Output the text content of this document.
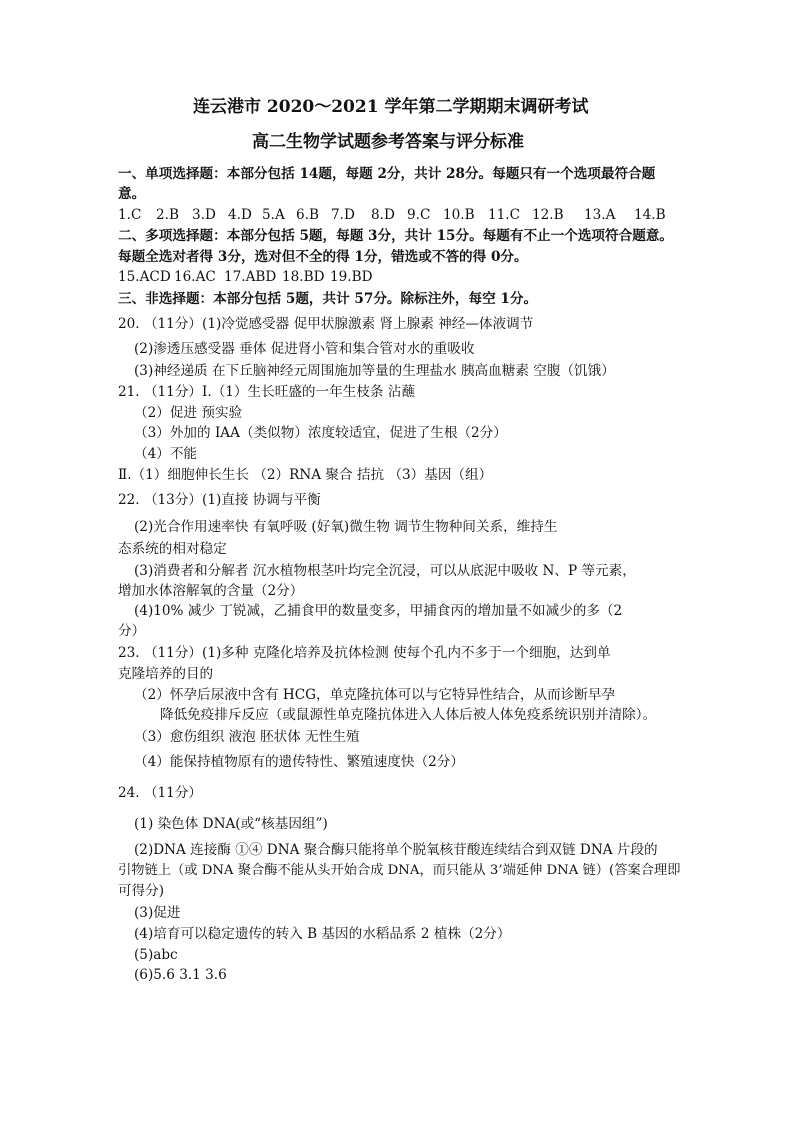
连云港市 2020～2021 学年第二学期期末调研考试
高二生物学试题参考答案与评分标准
一、单项选择题：本部分包括 14题，每题 2分，共计 28分。每题只有一个选项最符合题
意。
1.C 2.B 3.D 4.D 5.A 6.B 7.D 8.D 9.C 10.B 11.C 12.B 13.A 14.B
二、多项选择题：本部分包括 5题，每题 3分，共计 15分。每题有不止一个选项符合题意。
每题全选对者得 3分，选对但不全的得 1分，错选或不答的得 0分。
15.ACD 16.AC 17.ABD 18.BD 19.BD
三、非选择题：本部分包括 5题，共计 57分。除标注外，每空 1分。
20. （11分）(1)冷觉感受器 促甲状腺激素 肾上腺素 神经—体液调节
(2)渗透压感受器 垂体 促进肾小管和集合管对水的重吸收
(3)神经递质 在下丘脑神经元周围施加等量的生理盐水 胰高血糖素 空腹（饥饿）
21. （11分）Ⅰ.（1）生长旺盛的一年生枝条 沾蘸
（2）促进 预实验
（3）外加的 IAA（类似物）浓度较适宜，促进了生根（2分）
（4）不能
Ⅱ.（1）细胞伸长生长 （2）RNA 聚合 拮抗 （3）基因（组）
22. （13分）(1)直接 协调与平衡
(2)光合作用速率快 有氧呼吸 (好氧)微生物 调节生物种间关系，维持生
态系统的相对稳定
(3)消费者和分解者 沉水植物根茎叶均完全沉浸，可以从底泥中吸收 N、P 等元素，
增加水体溶解氧的含量（2分）
(4)10% 减少 丁锐减，乙捕食甲的数量变多，甲捕食丙的增加量不如减少的多（2
分）
23. （11分）(1)多种 克隆化培养及抗体检测 使每个孔内不多于一个细胞，达到单
克隆培养的目的
（2）怀孕后尿液中含有 HCG，单克隆抗体可以与它特异性结合，从而诊断早孕
降低免疫排斥反应（或鼠源性单克隆抗体进入人体后被人体免疫系统识别并清除）。
（3）愈伤组织 液泡 胚状体 无性生殖
（4）能保持植物原有的遗传特性、繁殖速度快（2分）
24. （11分）
(1) 染色体 DNA(或“核基因组”)
(2)DNA 连接酶 ①④ DNA 聚合酶只能将单个脱氧核苷酸连续结合到双链 DNA 片段的
引物链上（或 DNA 聚合酶不能从头开始合成 DNA，而只能从 3’端延伸 DNA 链）(答案合理即
可得分)
(3)促进
(4)培育可以稳定遗传的转入 B 基因的水稻品系 2 植株（2分）
(5)abc
(6)5.6 3.1 3.6
